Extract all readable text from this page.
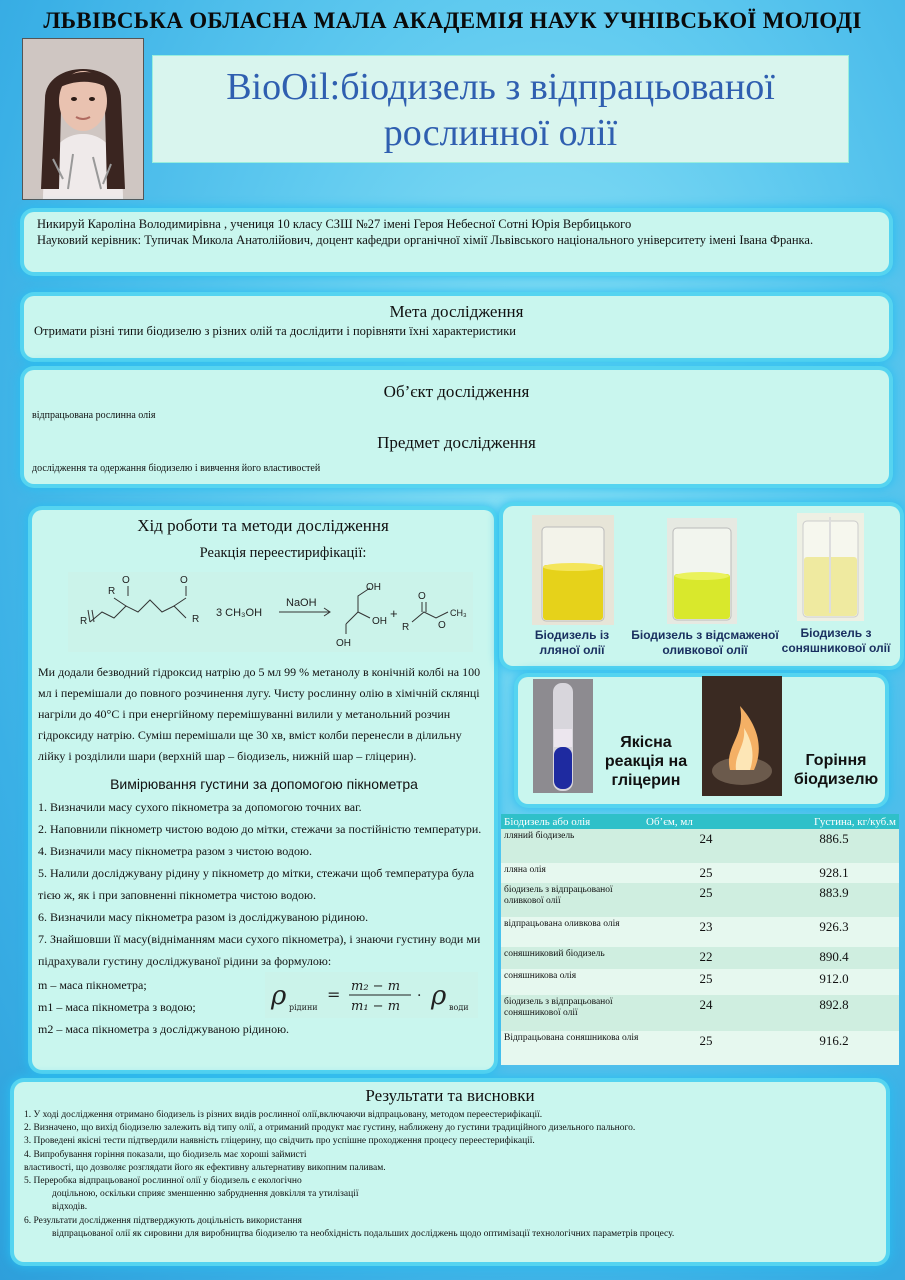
ЛЬВІВСЬКА ОБЛАСНА МАЛА АКАДЕМІЯ НАУК УЧНІВСЬКОЇ МОЛОДІ
BioOil:біодизель з відпрацьованої
рослинної олії
Никируй Кароліна Володимирівна , учениця 10 класу СЗШ №27 імені Героя Небесної Сотні Юрія Вербицького
Науковий керівник: Тупичак Микола Анатолійович, доцент кафедри органічної хімії Львівського національного університету імені Івана Франка.
Мета дослідження
Отримати різні типи біодизелю з різних олій та дослідити і порівняти їхні характеристики
Об’єкт дослідження
відпрацьована рослинна олія
Предмет дослідження
дослідження та одержання біодизелю і вивчення його властивостей
Хід роботи та методи дослідження
Реакція переестирифікації:
O	O
R
R	R
3 CH₃OH
NaOH
OH
OH
OH
+
O
R	O
CH₃
Ми додали безводний гідроксид натрію до 5 мл 99 % метанолу в конічній колбі на 100 мл і перемішали до повного розчинення лугу. Чисту рослинну олію в хімічній склянці нагріли до 40°С і при енергійному перемішуванні вилили у метанольний розчин гідроксиду натрію. Суміш перемішали ще 30 хв, вміст колби перенесли в ділильну лійку і розділили шари (верхній шар – біодизель, нижній шар – гліцерин).
Вимірювання густини за допомогою пікнометра
1. Визначили масу сухого пікнометра за допомогою точних ваг.
2. Наповнили пікнометр чистою водою до мітки, стежачи за постійністю температури.
4. Визначили масу пікнометра разом з чистою водою.
5. Налили досліджувану рідину у пікнометр до мітки, стежачи щоб температура була тією ж, як і при заповненні пікнометра чистою водою.
6. Визначили масу пікнометра разом із досліджуваною рідиною.
7. Знайшовши її масу(відніманням маси сухого пікнометра), і знаючи густину води ми підрахували густину досліджуваної рідини за формулою:
m – маса пікнометра;
m1 – маса пікнометра з водою;
m2 – маса пікнометра з досліджуваною рідиною.
ρ рідини
= m₂ − m
m₁ − m
· ρ води
Біодизель із лляної олії
Біодизель з відсмаженої оливкової олії
Біодизель з соняшникової олії
Якісна реакція на гліцерин
Горіння біодизелю
Біодизель або олія	Об’єм, мл	Густина, кг/куб.м
лляний біодизель	24	886.5
лляна олія	25	928.1
біодизель з відпрацьованої оливкової олії	25	883.9
відпрацьована оливкова олія	23	926.3
соняшниковий біодизель	22	890.4
соняшникова олія	25	912.0
біодизель з відпрацьованої соняшникової олії	24	892.8
Відпрацьована соняшникова олія	25	916.2
Результати та висновки
1. У ході дослідження отримано біодизель із різних видів рослинної олії,включаючи відпрацьовану, методом переестерифікації.
2. Визначено, що вихід біодизелю залежить від типу олії, а отриманий продукт має густину, наближену до густини традиційного дизельного пального.
3. Проведені якісні тести підтвердили наявність гліцерину, що свідчить про успішне проходження процесу переестерифікації.
4. Випробування горіння показали, що біодизель має хороші займисті
властивості, що дозволяє розглядати його як ефективну альтернативу викопним паливам.
5. Переробка відпрацьованої рослинної олії у біодизель є екологічно
доцільною, оскільки сприяє зменшенню забруднення довкілля та утилізації
відходів.
6. Результати дослідження підтверджують доцільність використання
відпрацьованої олії як сировини для виробництва біодизелю та необхідність подальших досліджень щодо оптимізації технологічних параметрів процесу.
